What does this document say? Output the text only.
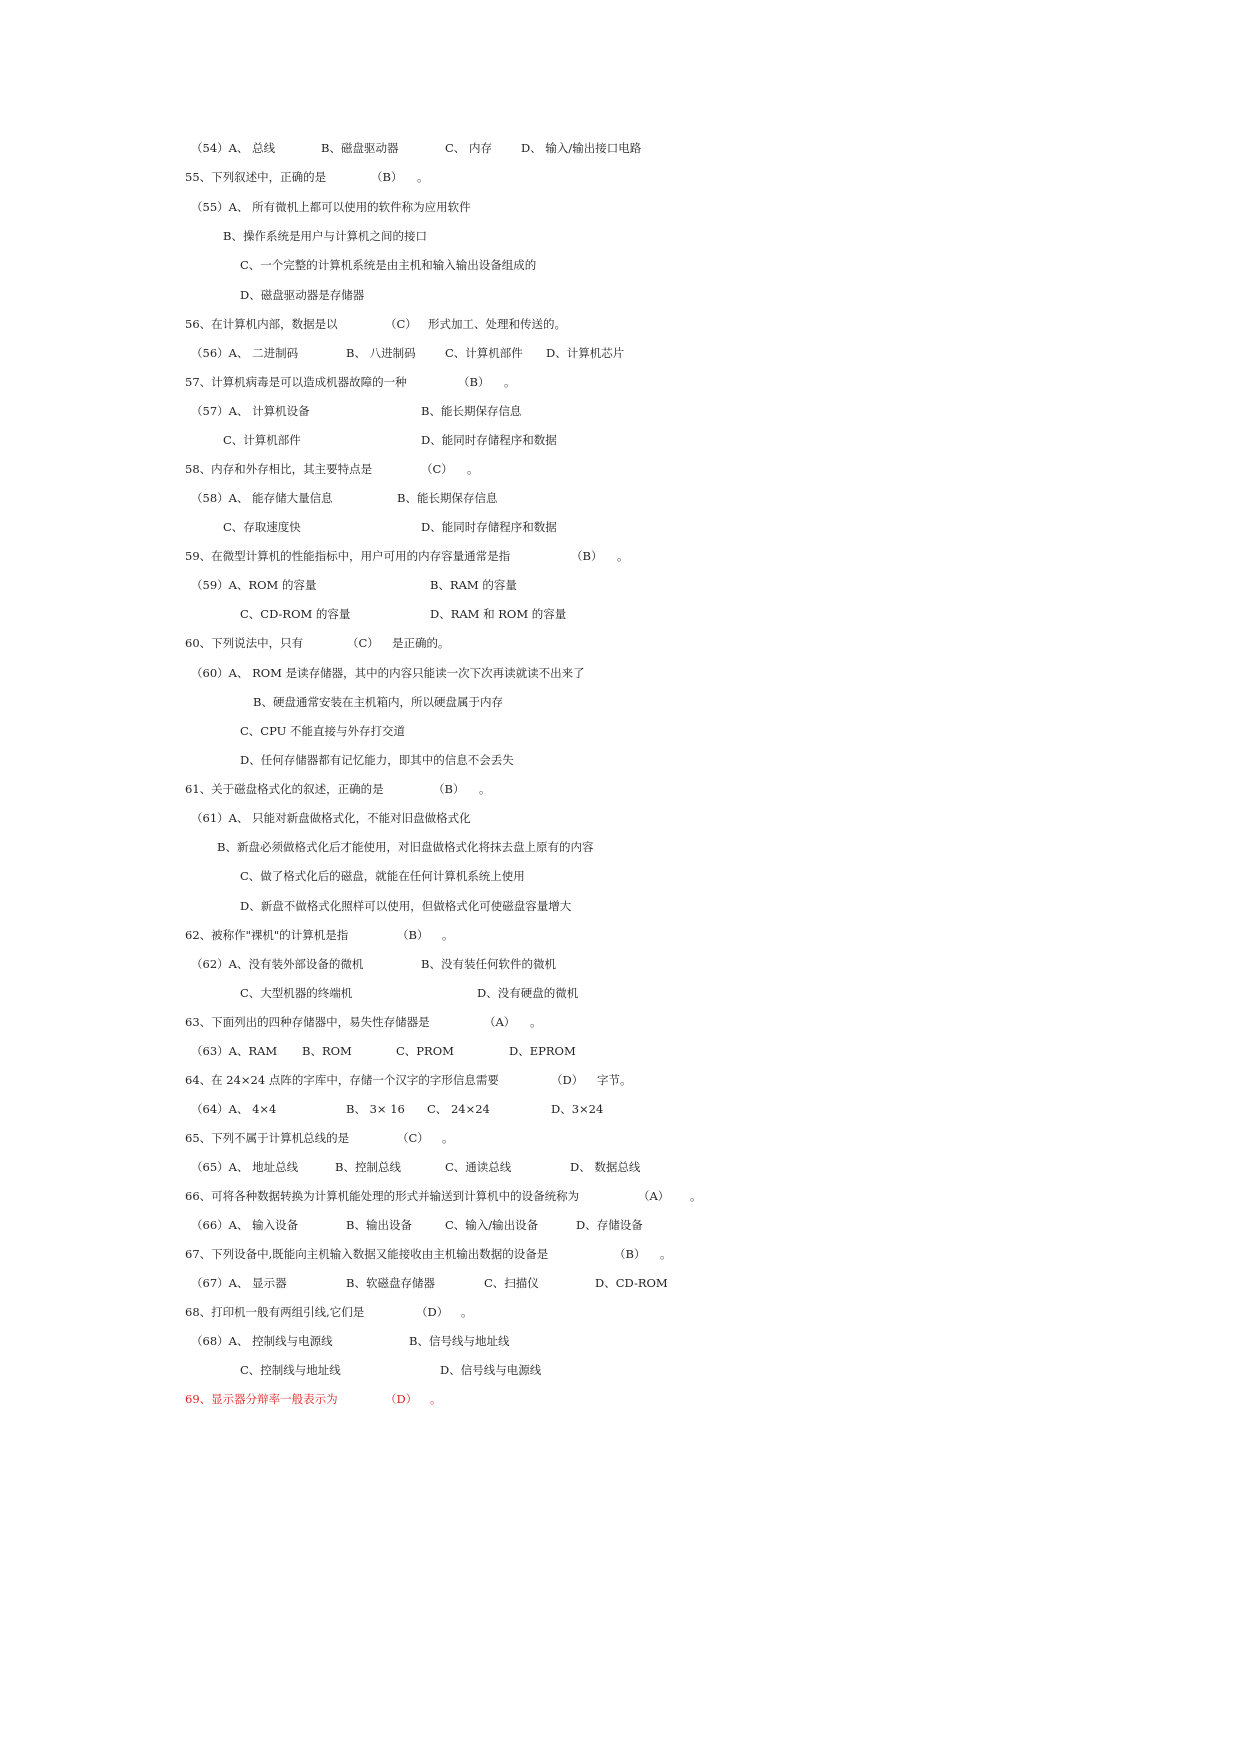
（54）A、 总线	B、磁盘驱动器	C、 内存	D、 输入/输出接口电路
55、下列叙述中，正确的是	（B） 。
（55）A、 所有微机上都可以使用的软件称为应用软件
B、操作系统是用户与计算机之间的接口
C、一个完整的计算机系统是由主机和输入输出设备组成的
D、磁盘驱动器是存储器
56、在计算机内部，数据是以	（C） 形式加工、处理和传送的。
（56）A、 二进制码	B、 八进制码	C、计算机部件 D、计算机芯片
57、计算机病毒是可以造成机器故障的一种	（B） 。
（57）A、 计算机设备	B、能长期保存信息
C、计算机部件	D、能同时存储程序和数据
58、内存和外存相比，其主要特点是	（C） 。
（58）A、 能存储大量信息	B、能长期保存信息
C、存取速度快	D、能同时存储程序和数据
59、在微型计算机的性能指标中，用户可用的内存容量通常是指	（B） 。
（59）A、ROM 的容量	B、RAM 的容量
C、CD-ROM 的容量	D、RAM 和 ROM 的容量
60、下列说法中，只有	（C） 是正确的。
（60）A、 ROM 是读存储器，其中的内容只能读一次下次再读就读不出来了
B、硬盘通常安装在主机箱内，所以硬盘属于内存
C、CPU 不能直接与外存打交道
D、任何存储器都有记忆能力，即其中的信息不会丢失
61、关于磁盘格式化的叙述，正确的是	（B） 。
（61）A、 只能对新盘做格式化，不能对旧盘做格式化
B、新盘必须做格式化后才能使用，对旧盘做格式化将抹去盘上原有的内容
C、做了格式化后的磁盘，就能在任何计算机系统上使用
D、新盘不做格式化照样可以使用，但做格式化可使磁盘容量增大
62、被称作"裸机"的计算机是指	（B） 。
（62）A、没有装外部设备的微机	B、没有装任何软件的微机
C、大型机器的终端机	D、没有硬盘的微机
63、下面列出的四种存储器中，易失性存储器是	（A） 。
（63）A、RAM B、ROM	C、PROM	D、EPROM
64、在 24×24 点阵的字库中，存储一个汉字的字形信息需要	（D） 字节。
（64）A、 4×4	B、 3× 16 C、 24×24	D、3×24
65、下列不属于计算机总线的是	（C） 。
（65）A、 地址总线	B、控制总线	C、通读总线	D、 数据总线
66、可将各种数据转换为计算机能处理的形式并输送到计算机中的设备统称为	（A） 。
（66）A、 输入设备	B、输出设备	C、输入/输出设备	D、存储设备
67、下列设备中,既能向主机输入数据又能接收由主机输出数据的设备是	（B） 。
（67）A、 显示器	B、软磁盘存储器	C、扫描仪	D、CD-ROM
68、打印机一般有两组引线,它们是	（D） 。
（68）A、 控制线与电源线	B、信号线与地址线
C、控制线与地址线	D、信号线与电源线
69、显示器分辩率一般表示为	（D） 。
